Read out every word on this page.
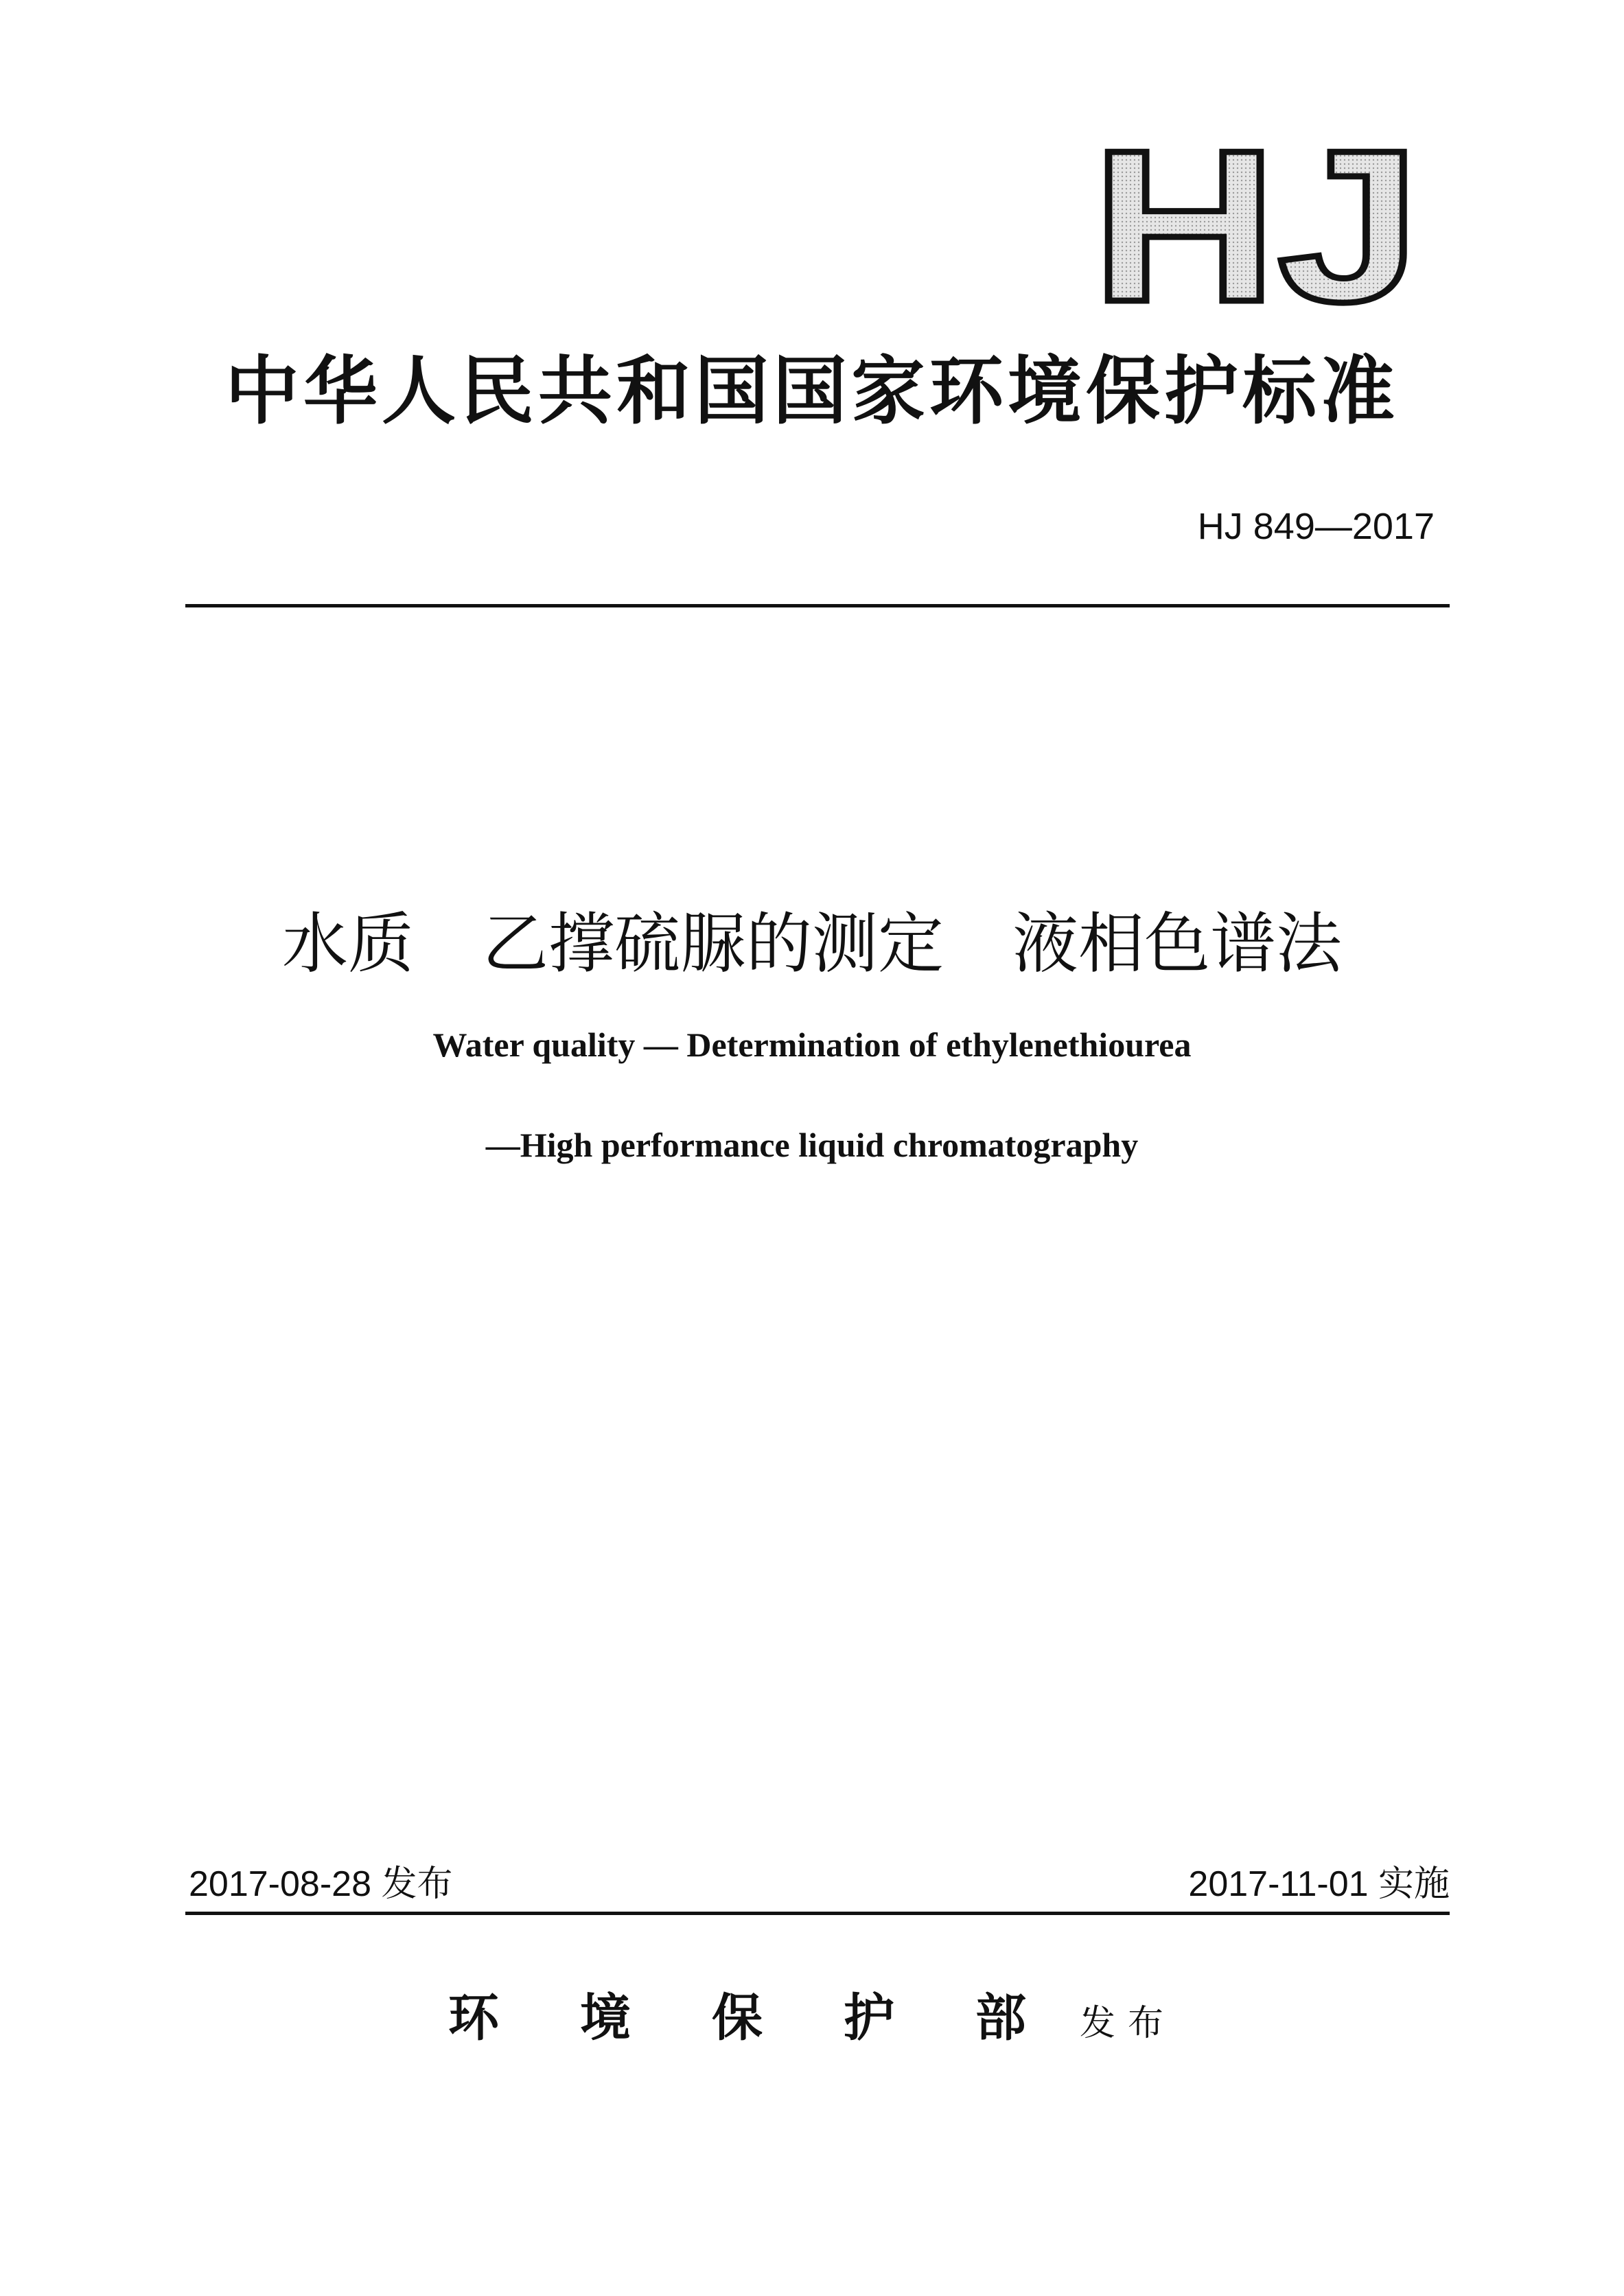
HJ
中华人民共和国国家环境保护标准
HJ 849—2017
水质 乙撑硫脲的测定 液相色谱法
Water quality — Determination of ethylenethiourea
—High performance liquid chromatography
2017-08-28 发布	2017-11-01 实施
环境保护部发布
